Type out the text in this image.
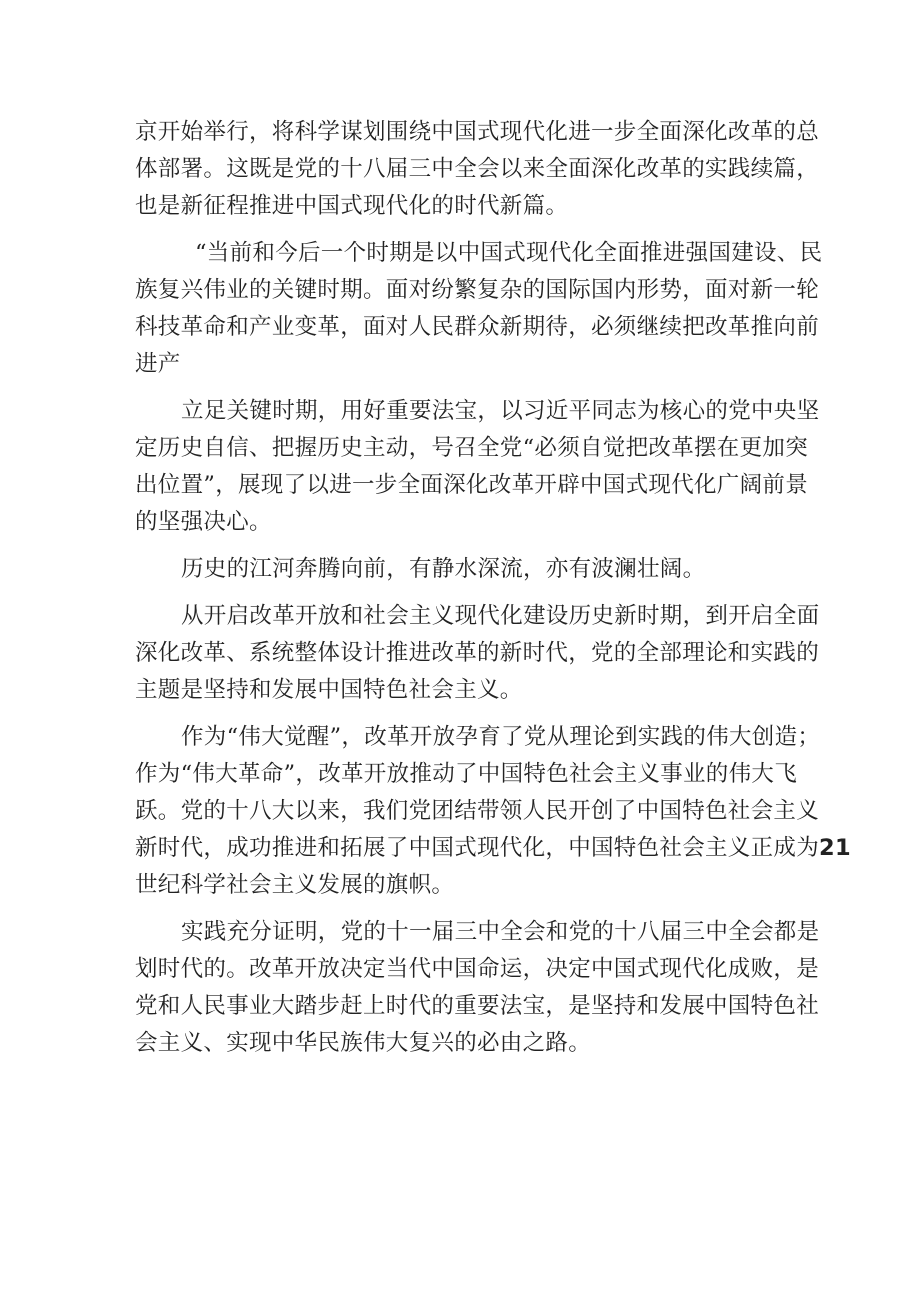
京开始举行，将科学谋划围绕中国式现代化进一步全面深化改革的总
体部署。这既是党的十八届三中全会以来全面深化改革的实践续篇，
也是新征程推进中国式现代化的时代新篇。
“当前和今后一个时期是以中国式现代化全面推进强国建设、民
族复兴伟业的关键时期。面对纷繁复杂的国际国内形势，面对新一轮
科技革命和产业变革，面对人民群众新期待，必须继续把改革推向前
进产
立足关键时期，用好重要法宝，以习近平同志为核心的党中央坚
定历史自信、把握历史主动，号召全党“必须自觉把改革摆在更加突
出位置”，展现了以进一步全面深化改革开辟中国式现代化广阔前景
的坚强决心。
历史的江河奔腾向前，有静水深流，亦有波澜壮阔。
从开启改革开放和社会主义现代化建设历史新时期，到开启全面
深化改革、系统整体设计推进改革的新时代，党的全部理论和实践的
主题是坚持和发展中国特色社会主义。
作为“伟大觉醒”，改革开放孕育了党从理论到实践的伟大创造；
作为“伟大革命”，改革开放推动了中国特色社会主义事业的伟大飞
跃。党的十八大以来，我们党团结带领人民开创了中国特色社会主义
新时代，成功推进和拓展了中国式现代化，中国特色社会主义正成为21
世纪科学社会主义发展的旗帜。
实践充分证明，党的十一届三中全会和党的十八届三中全会都是
划时代的。改革开放决定当代中国命运，决定中国式现代化成败，是
党和人民事业大踏步赶上时代的重要法宝，是坚持和发展中国特色社
会主义、实现中华民族伟大复兴的必由之路。
